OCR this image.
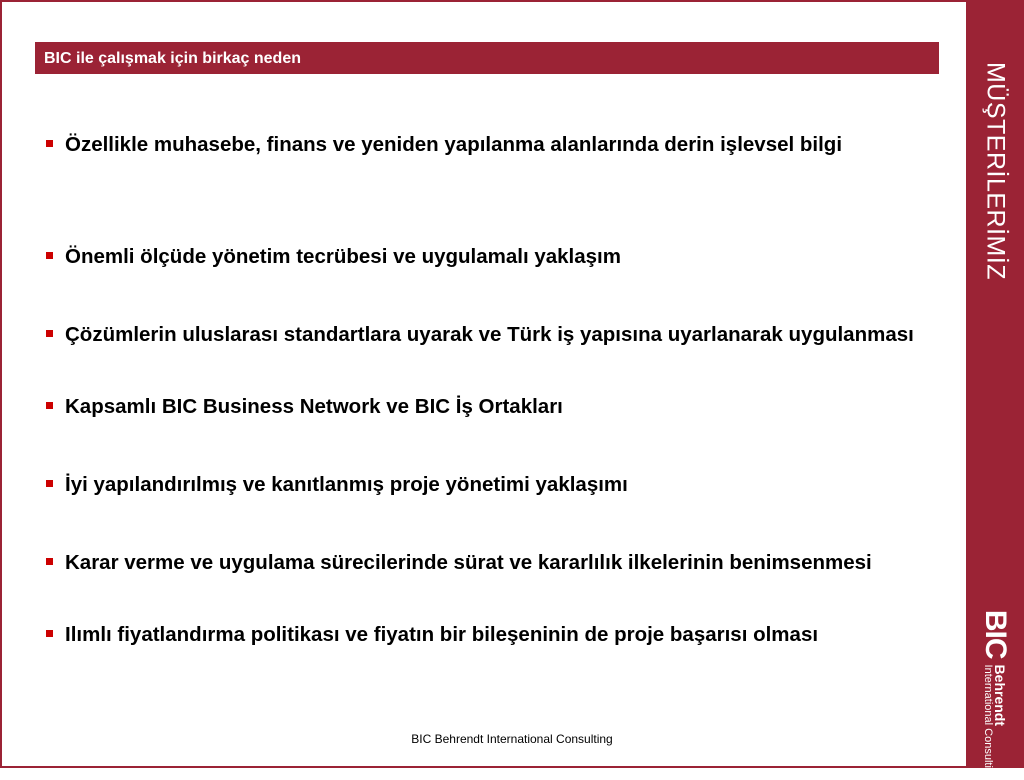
MÜŞTERİLERİMİZ
BIC
Behrendt
International Consulting
BIC ile çalışmak için birkaç neden
Özellikle muhasebe, finans ve yeniden yapılanma alanlarında derin işlevsel bilgi
Önemli ölçüde yönetim tecrübesi ve uygulamalı yaklaşım
Çözümlerin uluslarası standartlara uyarak ve Türk iş yapısına uyarlanarak uygulanması
Kapsamlı BIC Business Network ve BIC İş Ortakları
İyi yapılandırılmış ve kanıtlanmış proje yönetimi yaklaşımı
Karar verme ve uygulama sürecilerinde sürat ve kararlılık ilkelerinin benimsenmesi
Ilımlı fiyatlandırma politikası ve fiyatın bir bileşeninin de proje başarısı olması
BIC Behrendt International Consulting
